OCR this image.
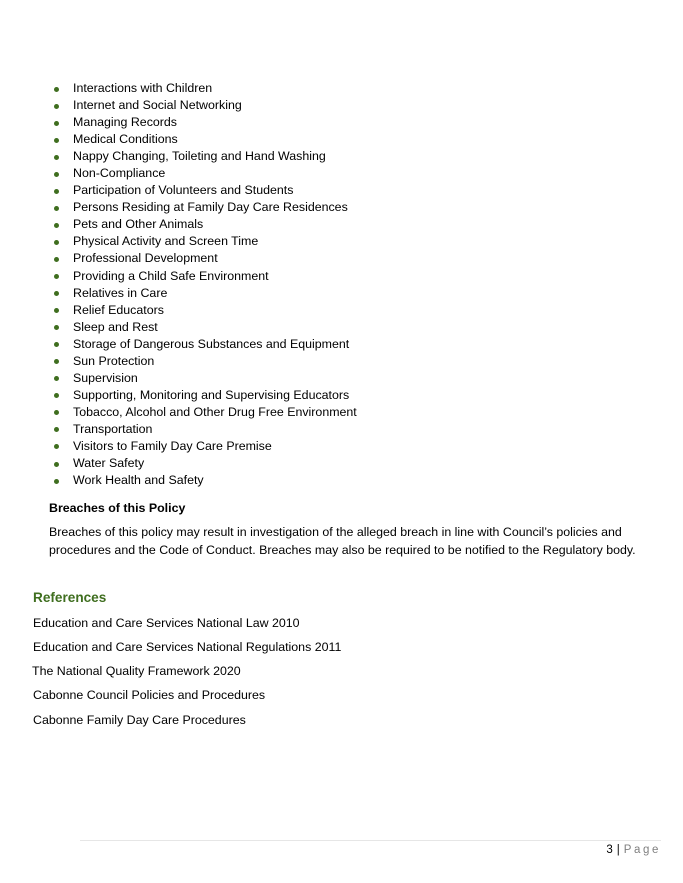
Interactions with Children
Internet and Social Networking
Managing Records
Medical Conditions
Nappy Changing, Toileting and Hand Washing
Non-Compliance
Participation of Volunteers and Students
Persons Residing at Family Day Care Residences
Pets and Other Animals
Physical Activity and Screen Time
Professional Development
Providing a Child Safe Environment
Relatives in Care
Relief Educators
Sleep and Rest
Storage of Dangerous Substances and Equipment
Sun Protection
Supervision
Supporting, Monitoring and Supervising Educators
Tobacco, Alcohol and Other Drug Free Environment
Transportation
Visitors to Family Day Care Premise
Water Safety
Work Health and Safety
Breaches of this Policy

Breaches of this policy may result in investigation of the alleged breach in line with Council’s policies and procedures and the Code of Conduct. Breaches may also be required to be notified to the Regulatory body.

References

Education and Care Services National Law 2010

Education and Care Services National Regulations 2011

The National Quality Framework 2020

Cabonne Council Policies and Procedures

Cabonne Family Day Care Procedures

3 | Page
